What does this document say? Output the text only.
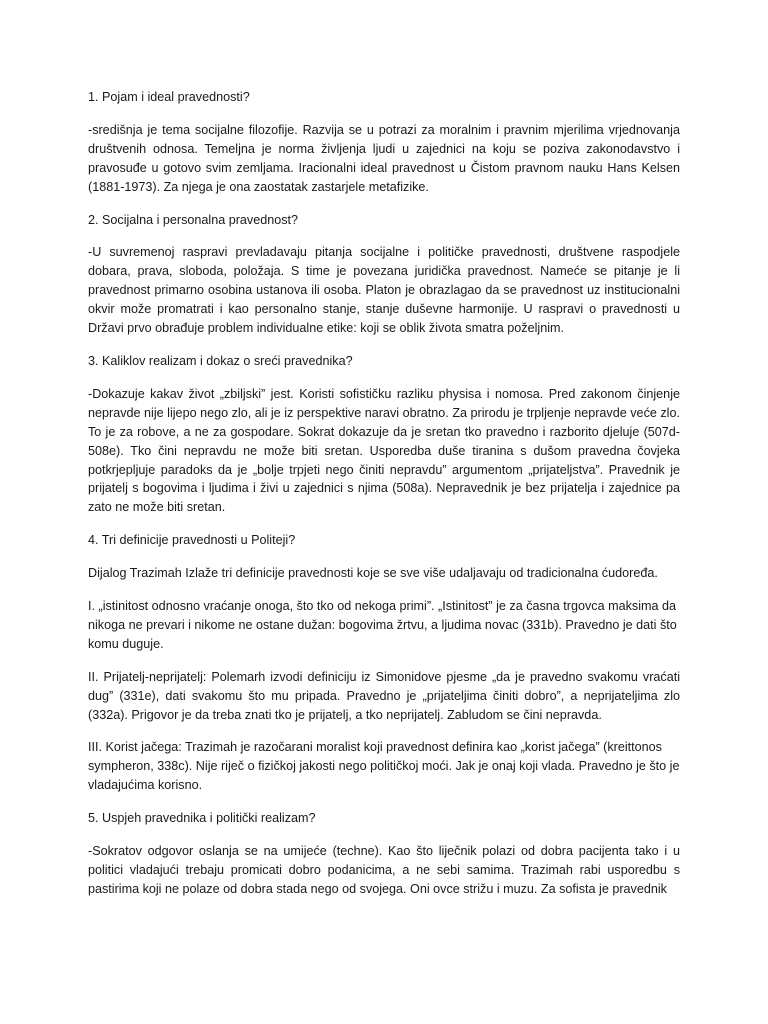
1. Pojam i ideal pravednosti?

-središnja je tema socijalne filozofije. Razvija se u potrazi za moralnim i pravnim mjerilima vrjednovanja društvenih odnosa. Temeljna je norma življenja ljudi u zajednici na koju se poziva zakonodavstvo i pravosuđe u gotovo svim zemljama. Iracionalni ideal pravednost u Čistom pravnom nauku Hans Kelsen (1881-1973). Za njega je ona zaostatak zastarjele metafizike.

2. Socijalna i personalna pravednost?

-U suvremenoj raspravi prevladavaju pitanja socijalne i političke pravednosti, društvene raspodjele dobara, prava, sloboda, položaja. S time je povezana juridička pravednost. Nameće se pitanje je li pravednost primarno osobina ustanova ili osoba. Platon je obrazlagao da se pravednost uz institucionalni okvir može promatrati i kao personalno stanje, stanje duševne harmonije. U raspravi o pravednosti u Državi prvo obrađuje problem individualne etike: koji se oblik života smatra poželjnim.

3. Kaliklov realizam i dokaz o sreći pravednika?

-Dokazuje kakav život „zbiljski” jest. Koristi sofističku razliku physisa i nomosa. Pred zakonom činjenje nepravde nije lijepo nego zlo, ali je iz perspektive naravi obratno. Za prirodu je trpljenje nepravde veće zlo. To je za robove, a ne za gospodare. Sokrat dokazuje da je sretan tko pravedno i razborito djeluje (507d-508e). Tko čini nepravdu ne može biti sretan. Usporedba duše tiranina s dušom pravedna čovjeka potkrjepljuje paradoks da je „bolje trpjeti nego činiti nepravdu” argumentom „prijateljstva”. Pravednik je prijatelj s bogovima i ljudima i živi u zajednici s njima (508a). Nepravednik je bez prijatelja i zajednice pa zato ne može biti sretan.

4. Tri definicije pravednosti u Politeji?

Dijalog Trazimah Izlaže tri definicije pravednosti koje se sve više udaljavaju od tradicionalna ćudoređa.

I. „istinitost odnosno vraćanje onoga, što tko od nekoga primi”. „Istinitost” je za časna trgovca maksima da nikoga ne prevari i nikome ne ostane dužan: bogovima žrtvu, a ljudima novac (331b). Pravedno je dati što komu duguje.

II. Prijatelj-neprijatelj: Polemarh izvodi definiciju iz Simonidove pjesme „da je pravedno svakomu vraćati dug” (331e), dati svakomu što mu pripada. Pravedno je „prijateljima činiti dobro”, a neprijateljima zlo (332a). Prigovor je da treba znati tko je prijatelj, a tko neprijatelj. Zabludom se čini nepravda.

III. Korist jačega: Trazimah je razočarani moralist koji pravednost definira kao „korist jačega” (kreittonos sympheron, 338c). Nije riječ o fizičkoj jakosti nego političkoj moći. Jak je onaj koji vlada. Pravedno je što je vladajućima korisno.

5. Uspjeh pravednika i politički realizam?

-Sokratov odgovor oslanja se na umijeće (techne). Kao što liječnik polazi od dobra pacijenta tako i u politici vladajući trebaju promicati dobro podanicima, a ne sebi samima. Trazimah rabi usporedbu s pastirima koji ne polaze od dobra stada nego od svojega. Oni ovce strižu i muzu. Za sofista je pravednik
